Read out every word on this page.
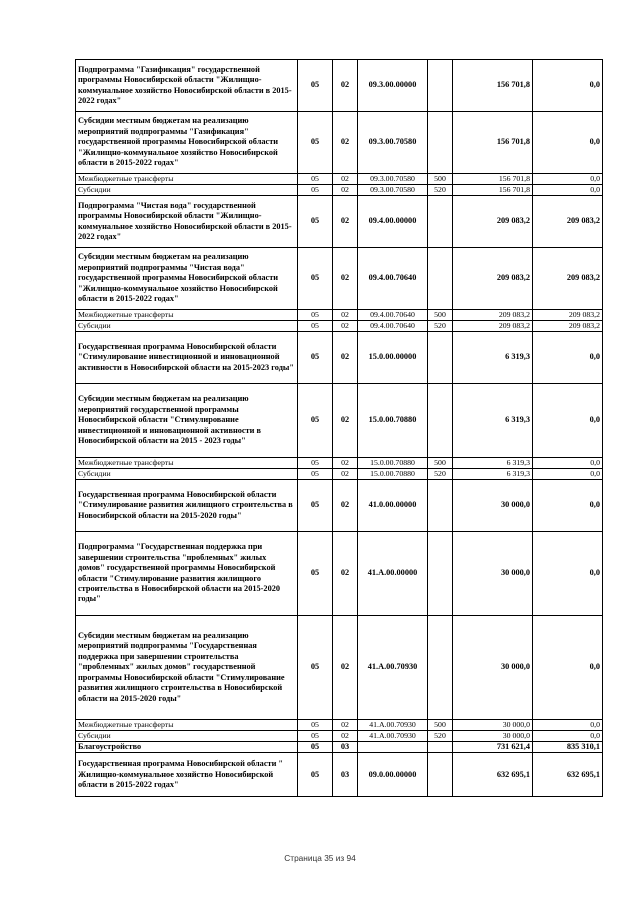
Подпрограмма "Газификация" государственной программы Новосибирской области "Жилищно-коммунальное хозяйство Новосибирской области в 2015-2022 годах"	05	02	09.3.00.00000		156 701,8	0,0
Субсидии местным бюджетам на реализацию мероприятий подпрограммы "Газификация" государственной программы Новосибирской области "Жилищно-коммунальное хозяйство Новосибирской области в 2015-2022 годах"	05	02	09.3.00.70580		156 701,8	0,0
Межбюджетные трансферты	05	02	09.3.00.70580	500	156 701,8	0,0
Субсидии	05	02	09.3.00.70580	520	156 701,8	0,0
Подпрограмма "Чистая вода" государственной программы Новосибирской области "Жилищно-коммунальное хозяйство Новосибирской области в 2015-2022 годах"	05	02	09.4.00.00000		209 083,2	209 083,2
Субсидии местным бюджетам на реализацию мероприятий подпрограммы "Чистая вода" государственной программы Новосибирской области "Жилищно-коммунальное хозяйство Новосибирской области в 2015-2022 годах"	05	02	09.4.00.70640		209 083,2	209 083,2
Межбюджетные трансферты	05	02	09.4.00.70640	500	209 083,2	209 083,2
Субсидии	05	02	09.4.00.70640	520	209 083,2	209 083,2
Государственная программа Новосибирской области "Стимулирование инвестиционной и инновационной активности в Новосибирской области на 2015-2023 годы"	05	02	15.0.00.00000		6 319,3	0,0
Субсидии местным бюджетам на реализацию мероприятий государственной программы Новосибирской области "Стимулирование инвестиционной и инновационной активности в Новосибирской области на 2015 - 2023 годы"	05	02	15.0.00.70880		6 319,3	0,0
Межбюджетные трансферты	05	02	15.0.00.70880	500	6 319,3	0,0
Субсидии	05	02	15.0.00.70880	520	6 319,3	0,0
Государственная программа Новосибирской области "Стимулирование развития жилищного строительства в Новосибирской области на 2015-2020 годы"	05	02	41.0.00.00000		30 000,0	0,0
Подпрограмма "Государственная поддержка при завершении строительства "проблемных" жилых домов" государственной программы Новосибирской области "Стимулирование развития жилищного строительства в Новосибирской области на 2015-2020 годы"	05	02	41.А.00.00000		30 000,0	0,0
Субсидии местным бюджетам на реализацию мероприятий подпрограммы "Государственная поддержка при завершении строительства "проблемных" жилых домов" государственной программы Новосибирской области "Стимулирование развития жилищного строительства в Новосибирской области на 2015-2020 годы"	05	02	41.А.00.70930		30 000,0	0,0
Межбюджетные трансферты	05	02	41.А.00.70930	500	30 000,0	0,0
Субсидии	05	02	41.А.00.70930	520	30 000,0	0,0
Благоустройство	05	03			731 621,4	835 310,1
Государственная программа Новосибирской области " Жилищно-коммунальное хозяйство Новосибирской области в 2015-2022 годах"	05	03	09.0.00.00000		632 695,1	632 695,1
Страница 35 из 94
